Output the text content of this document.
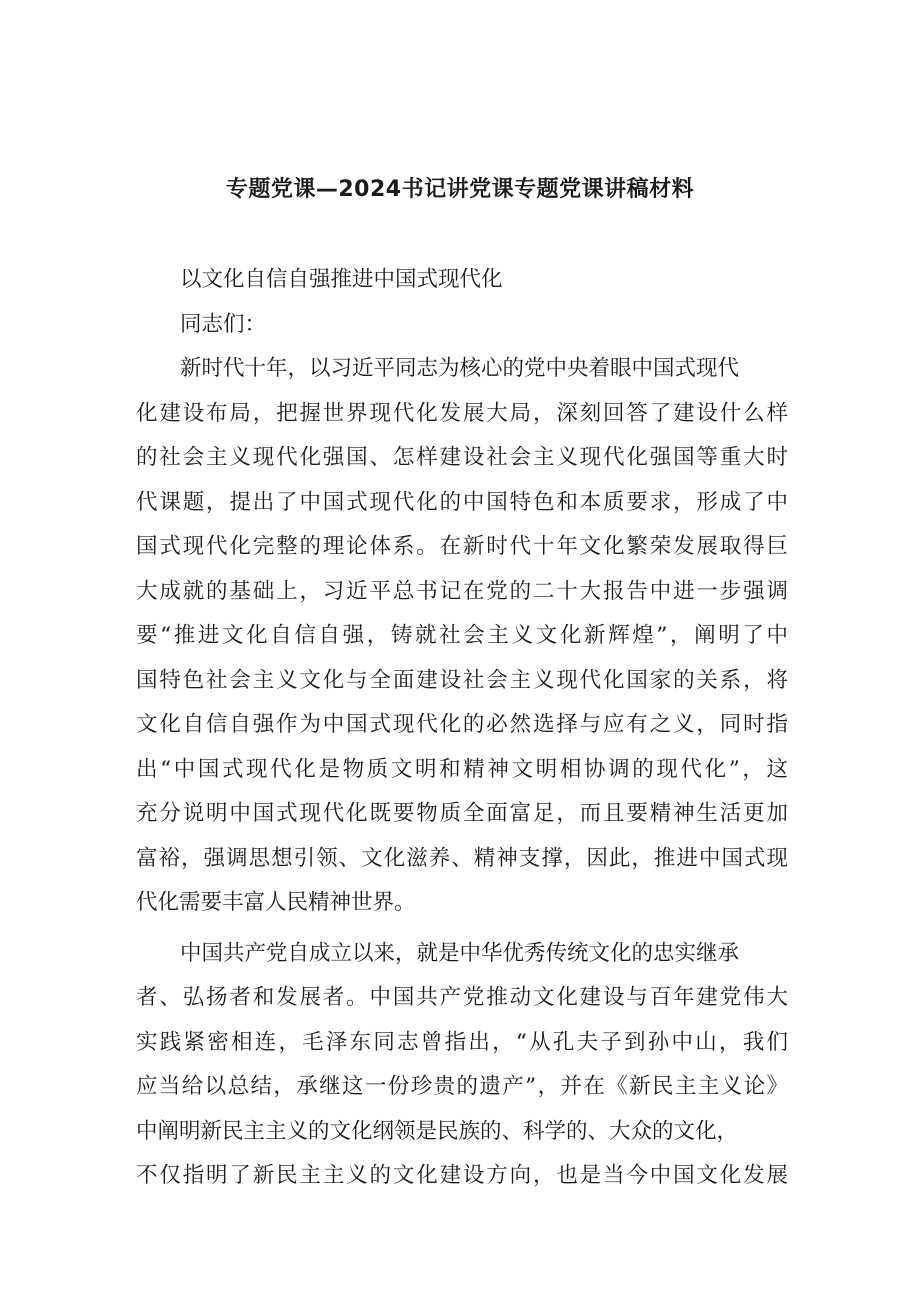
专题党课—2024书记讲党课专题党课讲稿材料
以文化自信自强推进中国式现代化
同志们：
新时代十年，以习近平同志为核心的党中央着眼中国式现代
化建设布局，把握世界现代化发展大局，深刻回答了建设什么样
的社会主义现代化强国、怎样建设社会主义现代化强国等重大时
代课题，提出了中国式现代化的中国特色和本质要求，形成了中
国式现代化完整的理论体系。在新时代十年文化繁荣发展取得巨
大成就的基础上，习近平总书记在党的二十大报告中进一步强调
要“推进文化自信自强，铸就社会主义文化新辉煌”，阐明了中
国特色社会主义文化与全面建设社会主义现代化国家的关系，将
文化自信自强作为中国式现代化的必然选择与应有之义，同时指
出“中国式现代化是物质文明和精神文明相协调的现代化”，这
充分说明中国式现代化既要物质全面富足，而且要精神生活更加
富裕，强调思想引领、文化滋养、精神支撑，因此，推进中国式现
代化需要丰富人民精神世界。
中国共产党自成立以来，就是中华优秀传统文化的忠实继承
者、弘扬者和发展者。中国共产党推动文化建设与百年建党伟大
实践紧密相连，毛泽东同志曾指出，“从孔夫子到孙中山，我们
应当给以总结，承继这一份珍贵的遗产”，并在《新民主主义论》
中阐明新民主主义的文化纲领是民族的、科学的、大众的文化，
不仅指明了新民主主义的文化建设方向，也是当今中国文化发展
